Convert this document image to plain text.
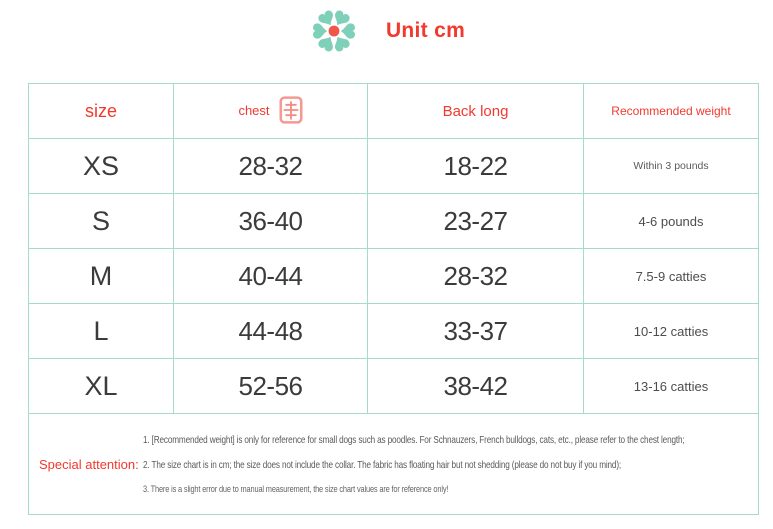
Unit cm
size	chest	Back long	Recommended weight
XS	28-32	18-22	Within 3 pounds
S	36-40	23-27	4-6 pounds
M	40-44	28-32	7.5-9 catties
L	44-48	33-37	10-12 catties
XL	52-56	38-42	13-16 catties

Special attention:

1. [Recommended weight] is only for reference for small dogs such as poodles. For Schnauzers, French bulldogs, cats, etc., please refer to the chest length;

2. The size chart is in cm; the size does not include the collar. The fabric has floating hair but not shedding (please do not buy if you mind);

3. There is a slight error due to manual measurement, the size chart values are for reference only!			
